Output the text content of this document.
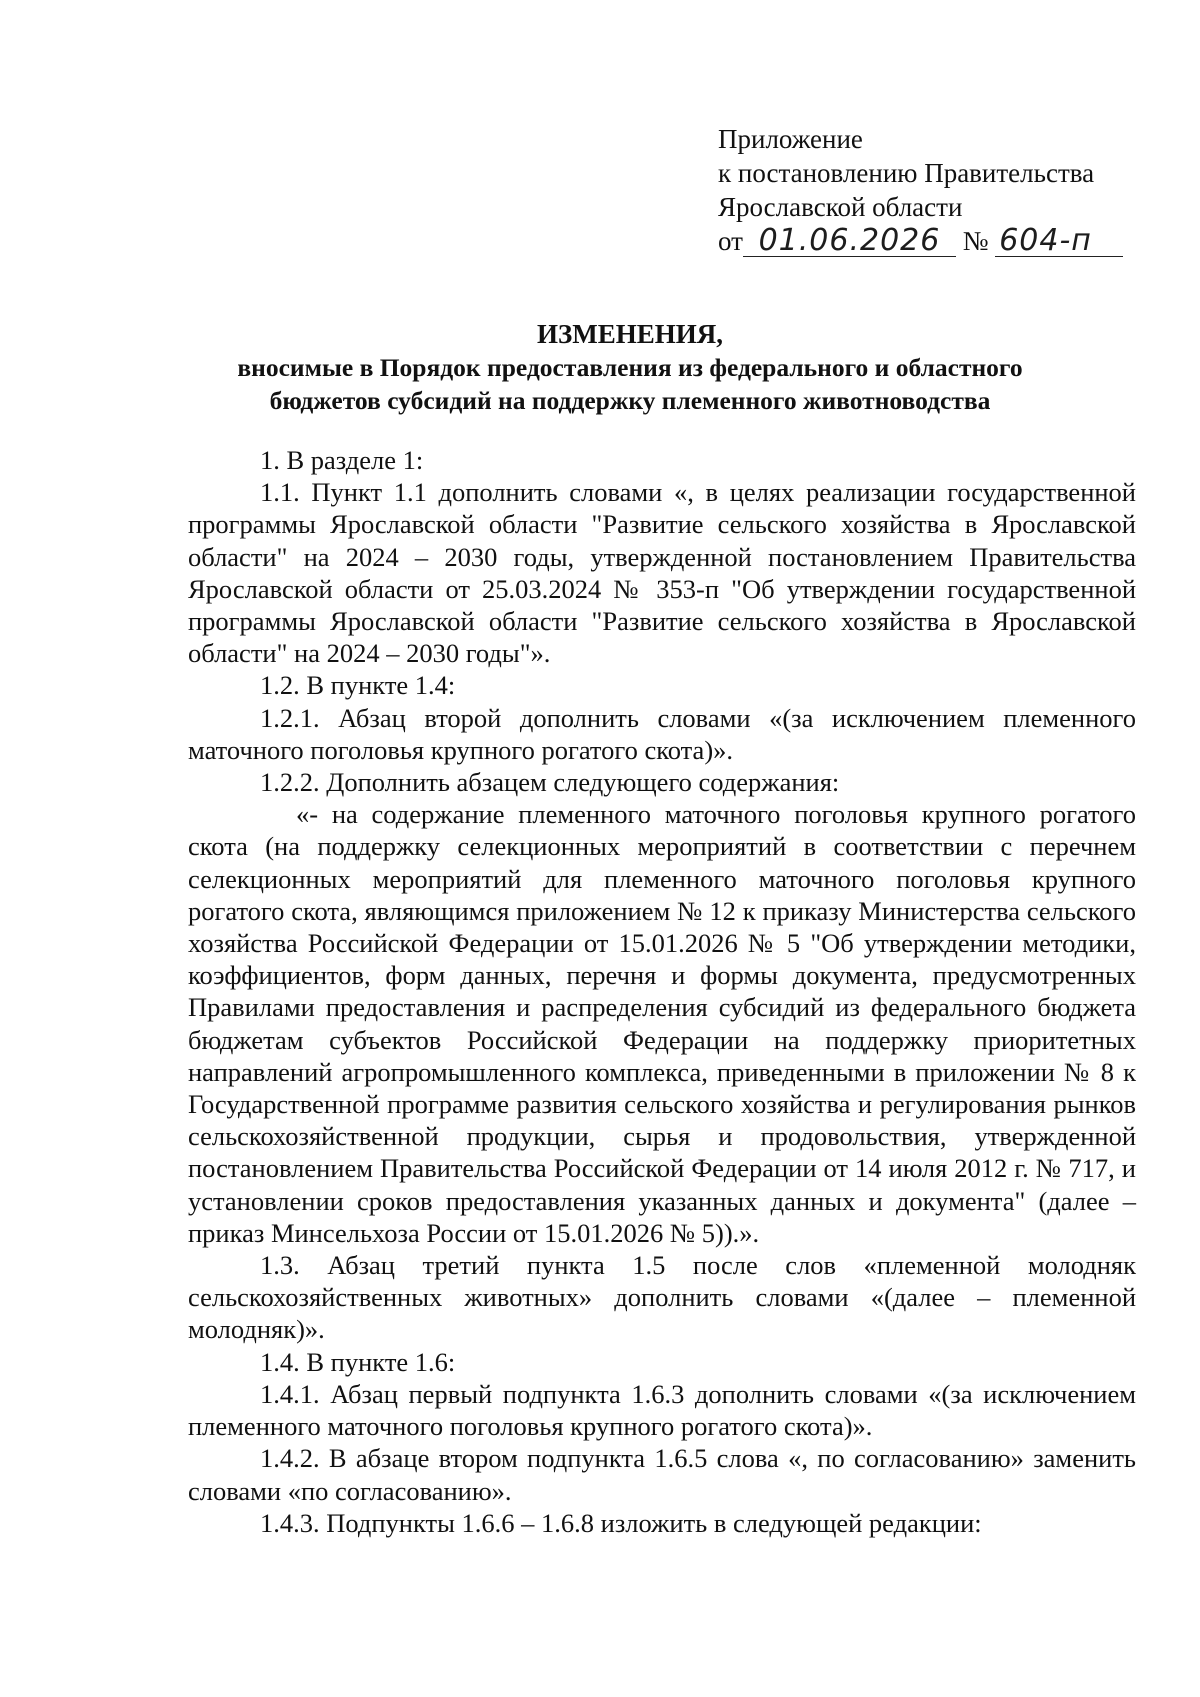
Приложение
к постановлению Правительства
Ярославской области
от 01.06.2026 № 604-п
ИЗМЕНЕНИЯ,
вносимые в Порядок предоставления из федерального и областного
бюджетов субсидий на поддержку племенного животноводства

1. В разделе 1:

1.1. Пункт 1.1 дополнить словами «, в целях реализации государственной программы Ярославской области "Развитие сельского хозяйства в Ярославской области" на 2024 – 2030 годы, утвержденной постановлением Правительства Ярославской области от 25.03.2024 № 353-п "Об утверждении государственной программы Ярославской области "Развитие сельского хозяйства в Ярославской области" на 2024 – 2030 годы"».

1.2. В пункте 1.4:

1.2.1. Абзац второй дополнить словами «(за исключением племенного маточного поголовья крупного рогатого скота)».

1.2.2. Дополнить абзацем следующего содержания:

«- на содержание племенного маточного поголовья крупного рогатого скота (на поддержку селекционных мероприятий в соответствии с перечнем селекционных мероприятий для племенного маточного поголовья крупного рогатого скота, являющимся приложением № 12 к приказу Министерства сельского хозяйства Российской Федерации от 15.01.2026 № 5 "Об утверждении методики, коэффициентов, форм данных, перечня и формы документа, предусмотренных Правилами предоставления и распределения субсидий из федерального бюджета бюджетам субъектов Российской Федерации на поддержку приоритетных направлений агропромышленного комплекса, приведенными в приложении № 8 к Государственной программе развития сельского хозяйства и регулирования рынков сельскохозяйственной продукции, сырья и продовольствия, утвержденной постановлением Правительства Российской Федерации от 14 июля 2012 г. № 717, и установлении сроков предоставления указанных данных и документа" (далее – приказ Минсельхоза России от 15.01.2026 № 5)).».

1.3. Абзац третий пункта 1.5 после слов «племенной молодняк сельскохозяйственных животных» дополнить словами «(далее – племенной молодняк)».

1.4. В пункте 1.6:

1.4.1. Абзац первый подпункта 1.6.3 дополнить словами «(за исключением племенного маточного поголовья крупного рогатого скота)».

1.4.2. В абзаце втором подпункта 1.6.5 слова «, по согласованию» заменить словами «по согласованию».

1.4.3. Подпункты 1.6.6 – 1.6.8 изложить в следующей редакции:
